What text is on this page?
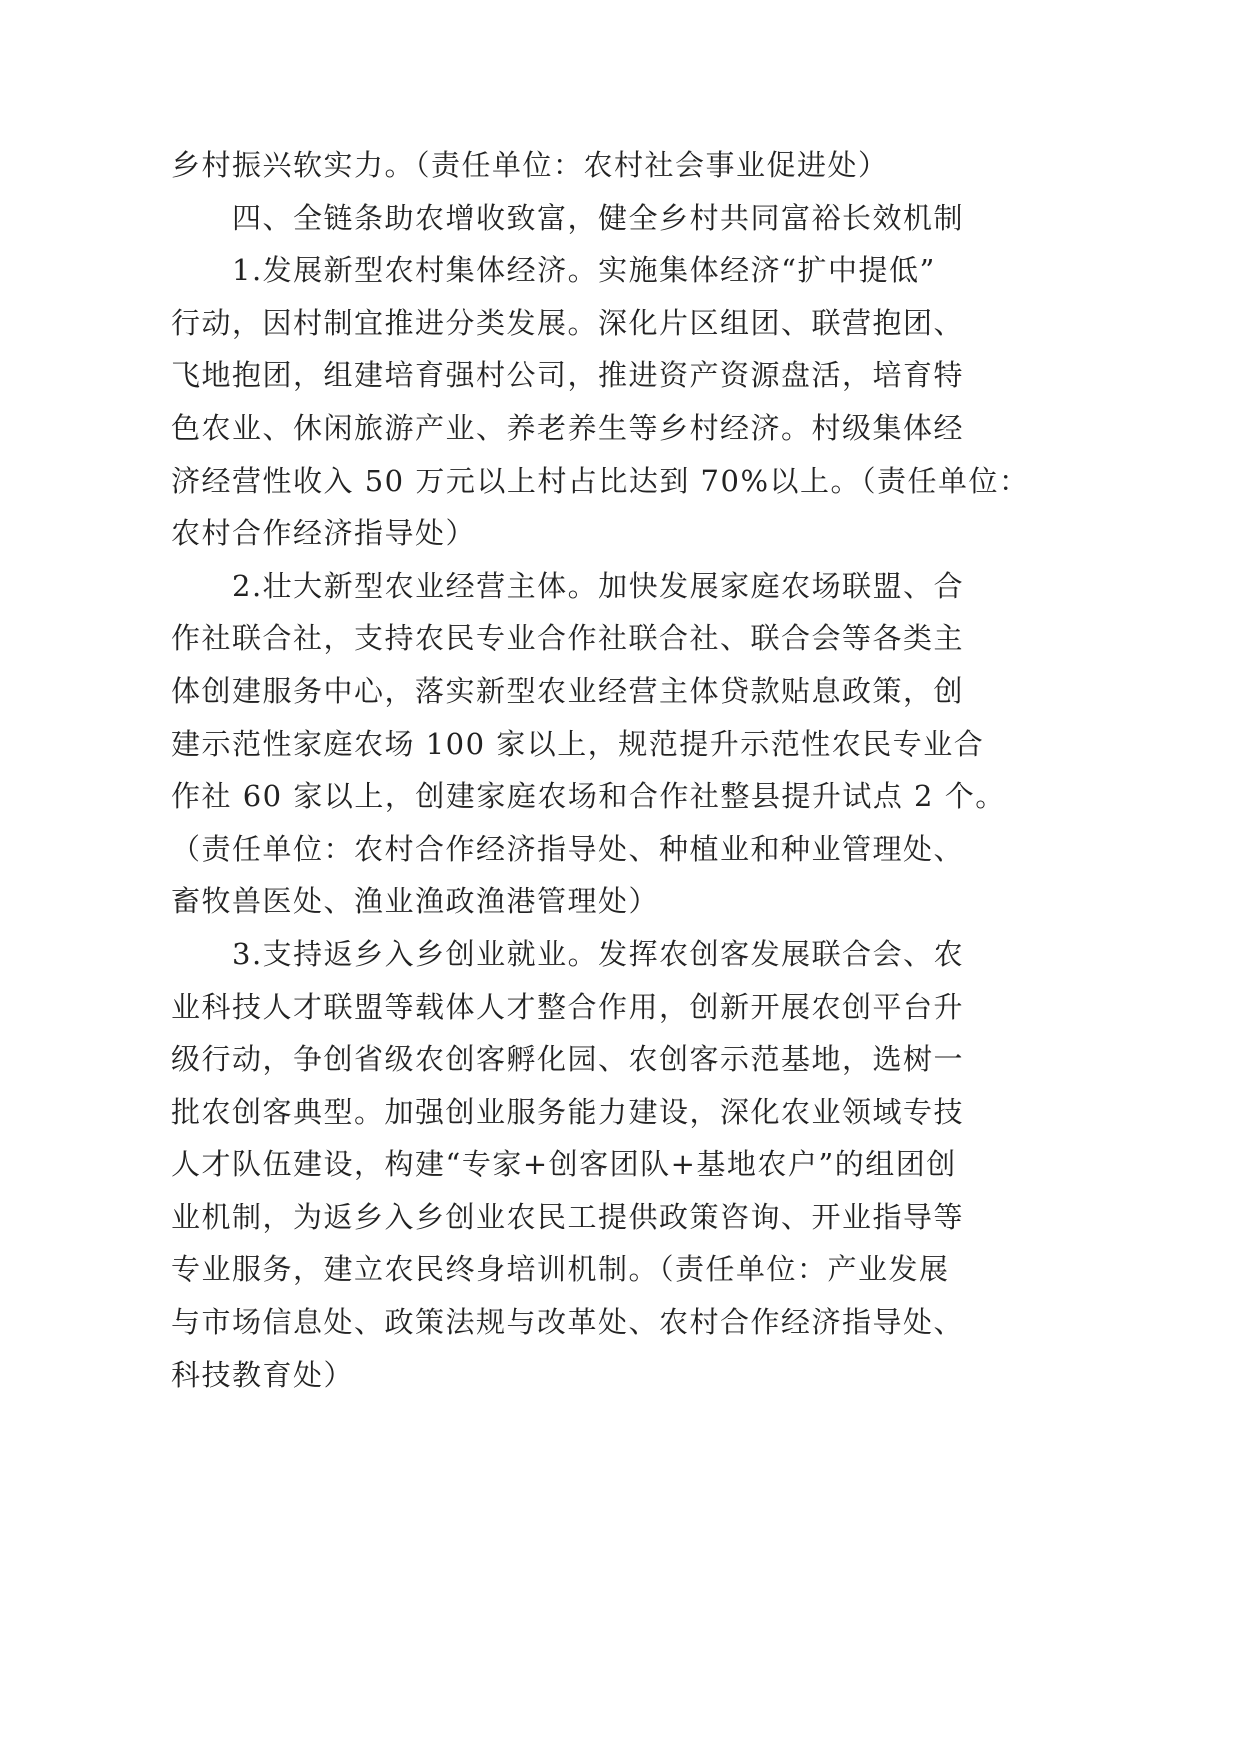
乡村振兴软实力。（责任单位：农村社会事业促进处）

四、全链条助农增收致富，健全乡村共同富裕长效机制

1.发展新型农村集体经济。实施集体经济“扩中提低”
行动，因村制宜推进分类发展。深化片区组团、联营抱团、
飞地抱团，组建培育强村公司，推进资产资源盘活，培育特
色农业、休闲旅游产业、养老养生等乡村经济。村级集体经
济经营性收入 50 万元以上村占比达到 70%以上。（责任单位：
农村合作经济指导处）

2.壮大新型农业经营主体。加快发展家庭农场联盟、合
作社联合社，支持农民专业合作社联合社、联合会等各类主
体创建服务中心，落实新型农业经营主体贷款贴息政策，创
建示范性家庭农场 100 家以上，规范提升示范性农民专业合
作社 60 家以上，创建家庭农场和合作社整县提升试点 2 个。
（责任单位：农村合作经济指导处、种植业和种业管理处、
畜牧兽医处、渔业渔政渔港管理处）

3.支持返乡入乡创业就业。发挥农创客发展联合会、农
业科技人才联盟等载体人才整合作用，创新开展农创平台升
级行动，争创省级农创客孵化园、农创客示范基地，选树一
批农创客典型。加强创业服务能力建设，深化农业领域专技
人才队伍建设，构建“专家+创客团队+基地农户”的组团创
业机制，为返乡入乡创业农民工提供政策咨询、开业指导等
专业服务，建立农民终身培训机制。（责任单位：产业发展
与市场信息处、政策法规与改革处、农村合作经济指导处、
科技教育处）
